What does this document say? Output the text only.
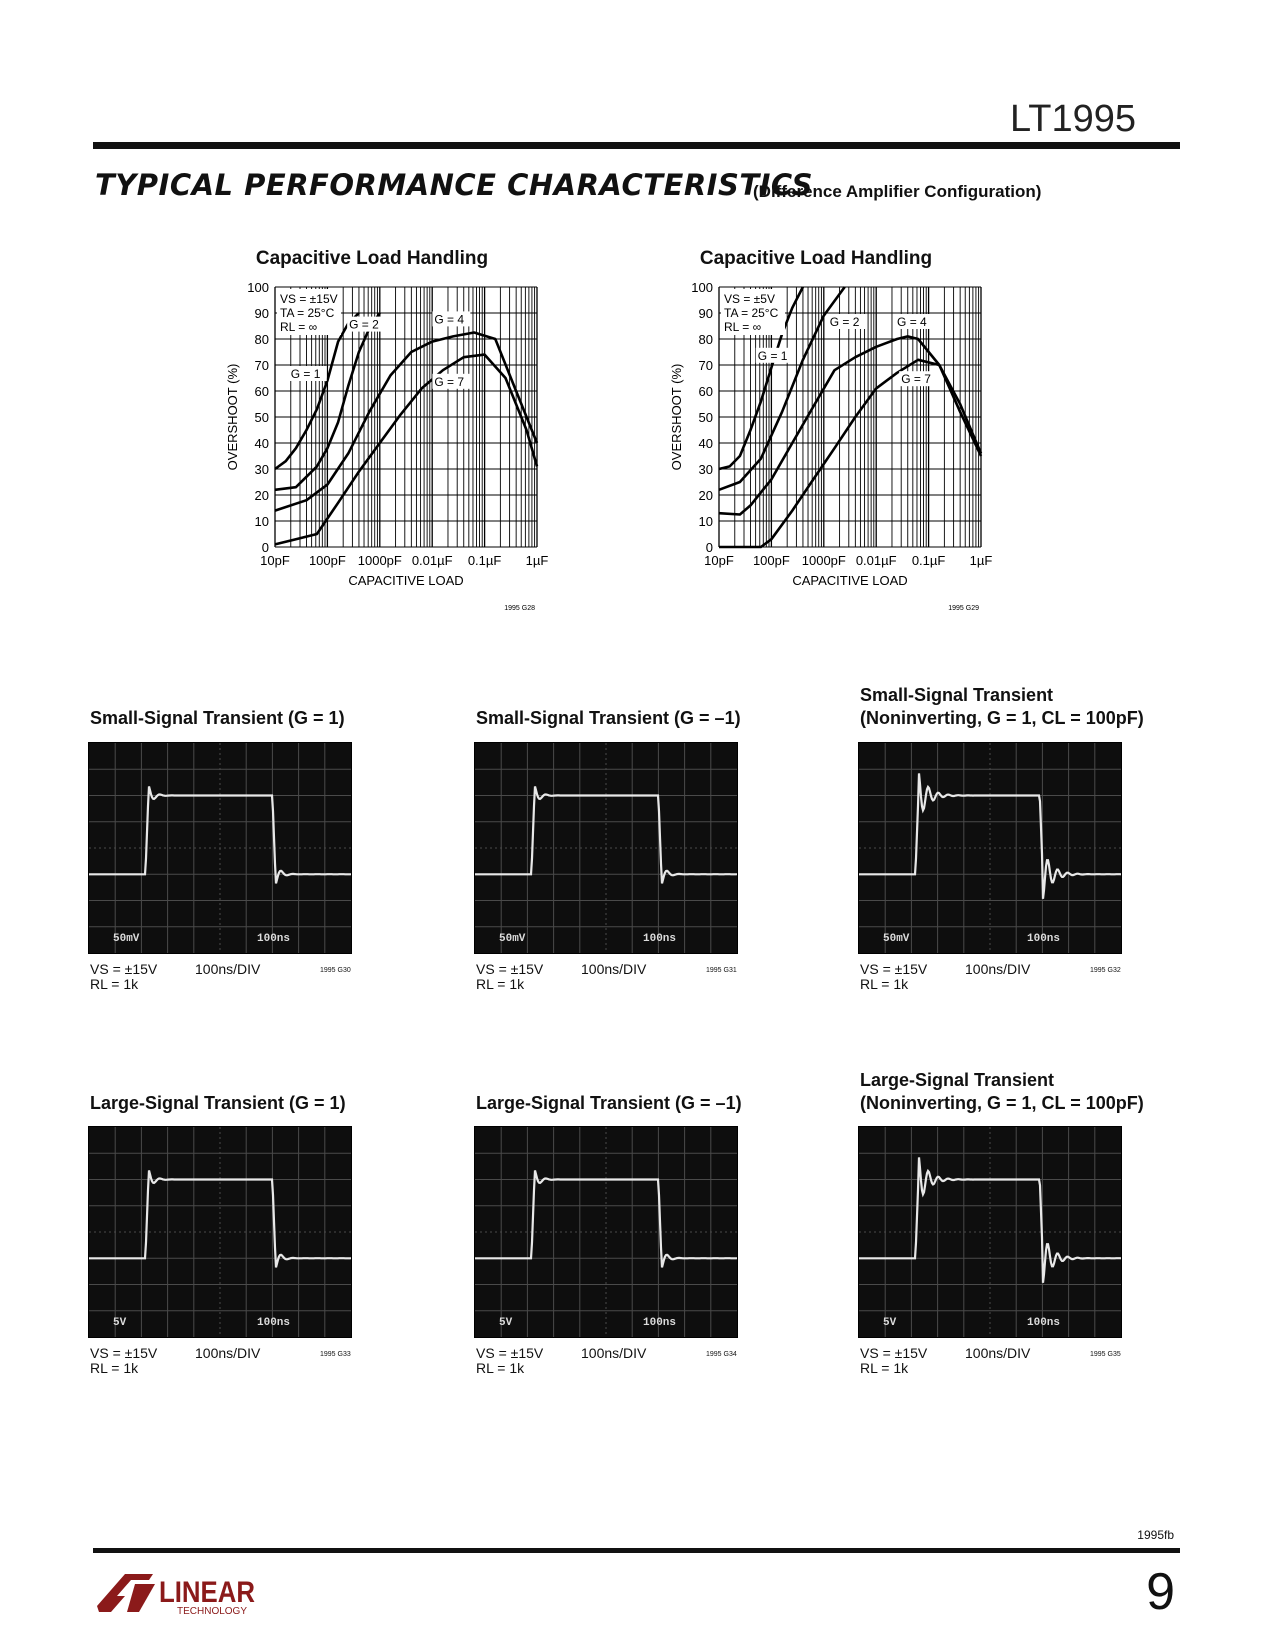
LT1995
TYPICAL PERFORMANCE CHARACTERISTICS
(Difference Amplifier Configuration)
Capacitive Load Handling
0
10
20
30
40
50
60
70
80
90
100
10pF 100pF 1000pF 0.01µF 0.1µF 1µF
CAPACITIVE LOAD
OVERSHOOT (%)
1995 G28
G = 1
G = 2	G = 4
G = 7
VS = ±15V
TA = 25°C
RL = ∞
Capacitive Load Handling
0
10
20
30
40
50
60
70
80
90
100
10pF 100pF 1000pF 0.01µF 0.1µF 1µF
CAPACITIVE LOAD
OVERSHOOT (%)
1995 G29
G = 1
G = 2	G = 4
G = 7
VS = ±5V
TA = 25°C
RL = ∞
Small-Signal Transient (G = 1)
50mV	100ns
VS = ±15V
RL = 1k
100ns/DIV	1995 G30
Small-Signal Transient (G = –1)
50mV	100ns
VS = ±15V
RL = 1k
100ns/DIV	1995 G31
Small-Signal Transient
(Noninverting, G = 1, CL = 100pF)
50mV	100ns
VS = ±15V
RL = 1k
100ns/DIV	1995 G32
Large-Signal Transient (G = 1)
5V	100ns
VS = ±15V
RL = 1k
100ns/DIV	1995 G33
Large-Signal Transient (G = –1)
5V	100ns
VS = ±15V
RL = 1k
100ns/DIV	1995 G34
Large-Signal Transient
(Noninverting, G = 1, CL = 100pF)
5V	100ns
VS = ±15V
RL = 1k
100ns/DIV	1995 G35
1995fb
9
LINEAR
TECHNOLOGY
